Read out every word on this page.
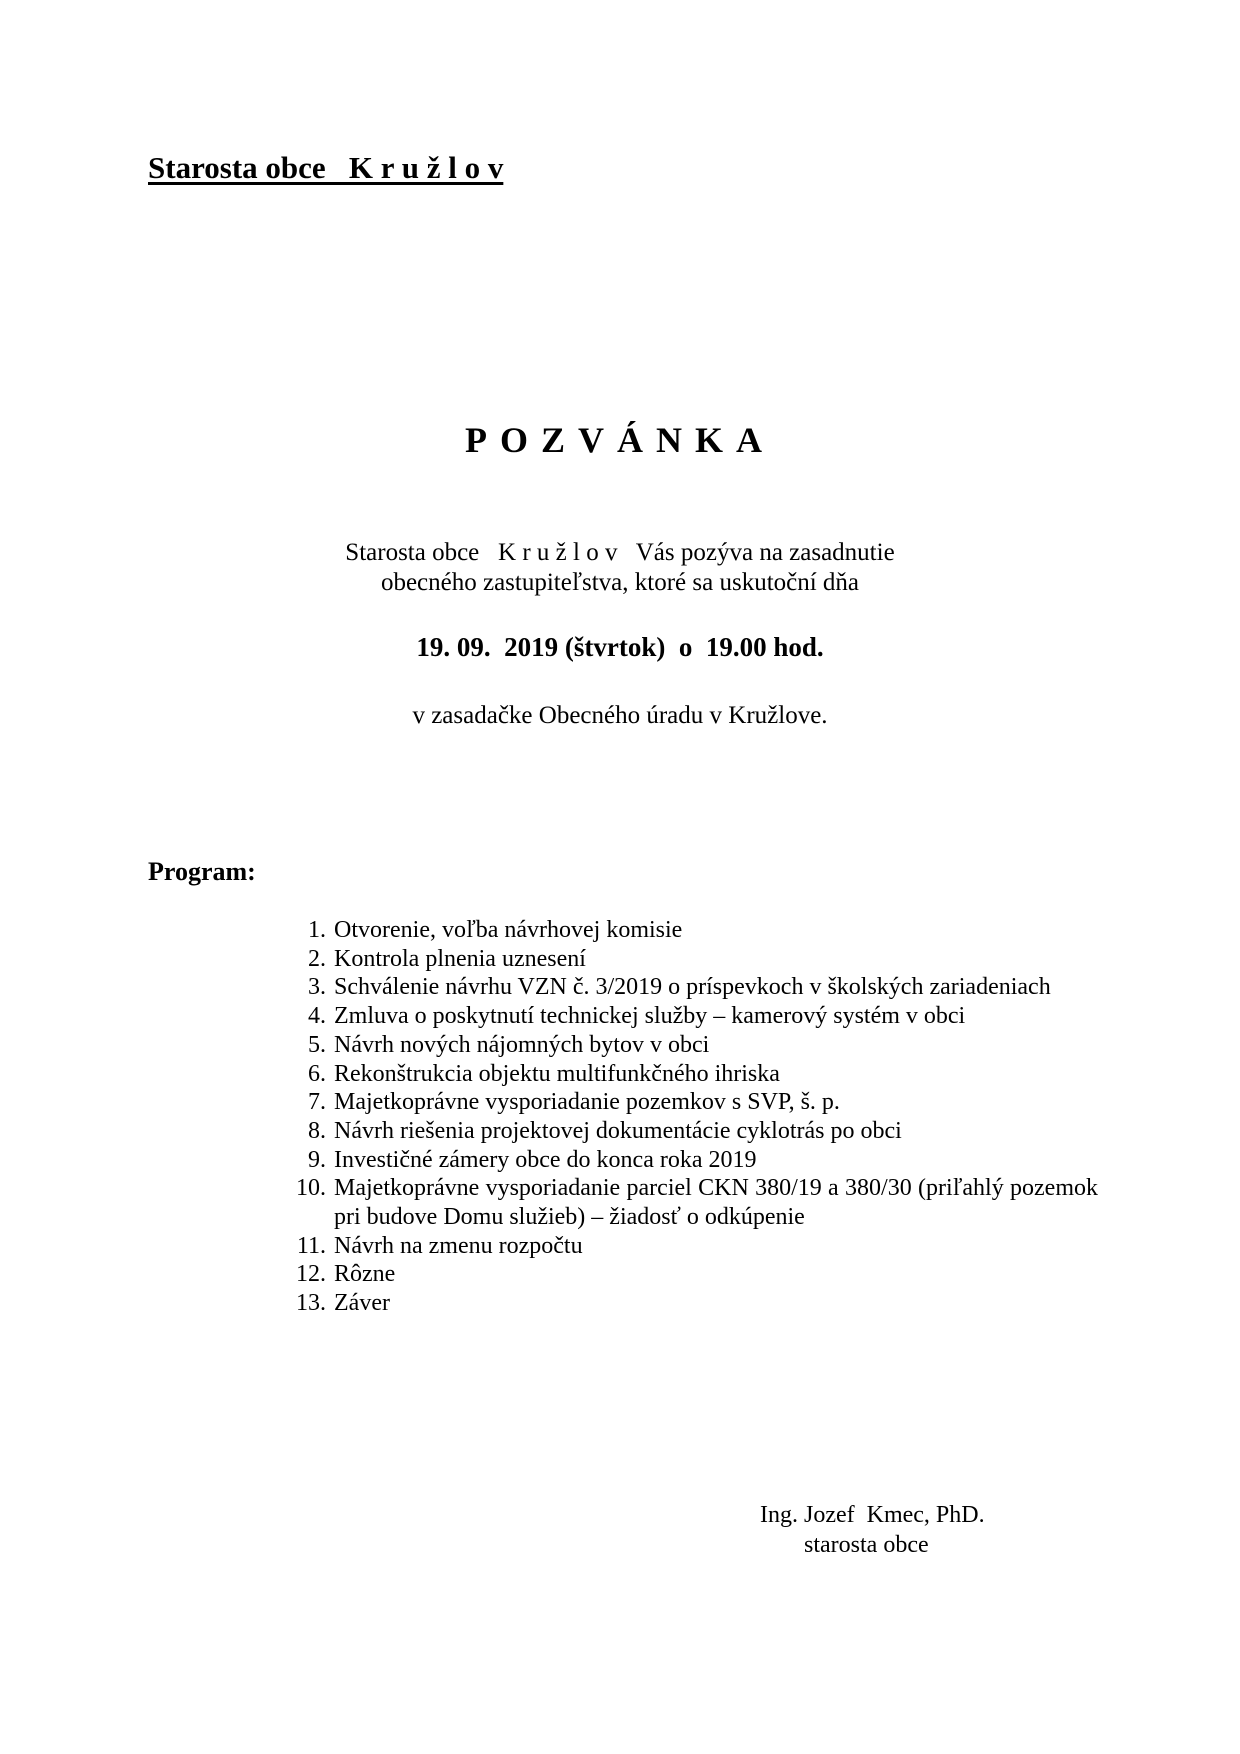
Starosta obce   K r u ž l o v
POZVÁNKA
Starosta obce   K r u ž l o v   Vás pozýva na zasadnutie
obecného zastupiteľstva, ktoré sa uskutoční dňa
19. 09.  2019 (štvrtok)  o  19.00 hod.
v zasadačke Obecného úradu v Kružlove.
Program:
1. Otvorenie, voľba návrhovej komisie
2. Kontrola plnenia uznesení
3. Schválenie návrhu VZN č. 3/2019 o príspevkoch v školských zariadeniach
4. Zmluva o poskytnutí technickej služby – kamerový systém v obci
5. Návrh nových nájomných bytov v obci
6. Rekonštrukcia objektu multifunkčného ihriska
7. Majetkoprávne vysporiadanie pozemkov s SVP, š. p.
8. Návrh riešenia projektovej dokumentácie cyklotrás po obci
9. Investičné zámery obce do konca roka 2019
10. Majetkoprávne vysporiadanie parciel CKN 380/19 a 380/30 (priľahlý pozemok pri budove Domu služieb) – žiadosť o odkúpenie
11. Návrh na zmenu rozpočtu
12. Rôzne
13. Záver
Ing. Jozef  Kmec, PhD.
starosta obce
